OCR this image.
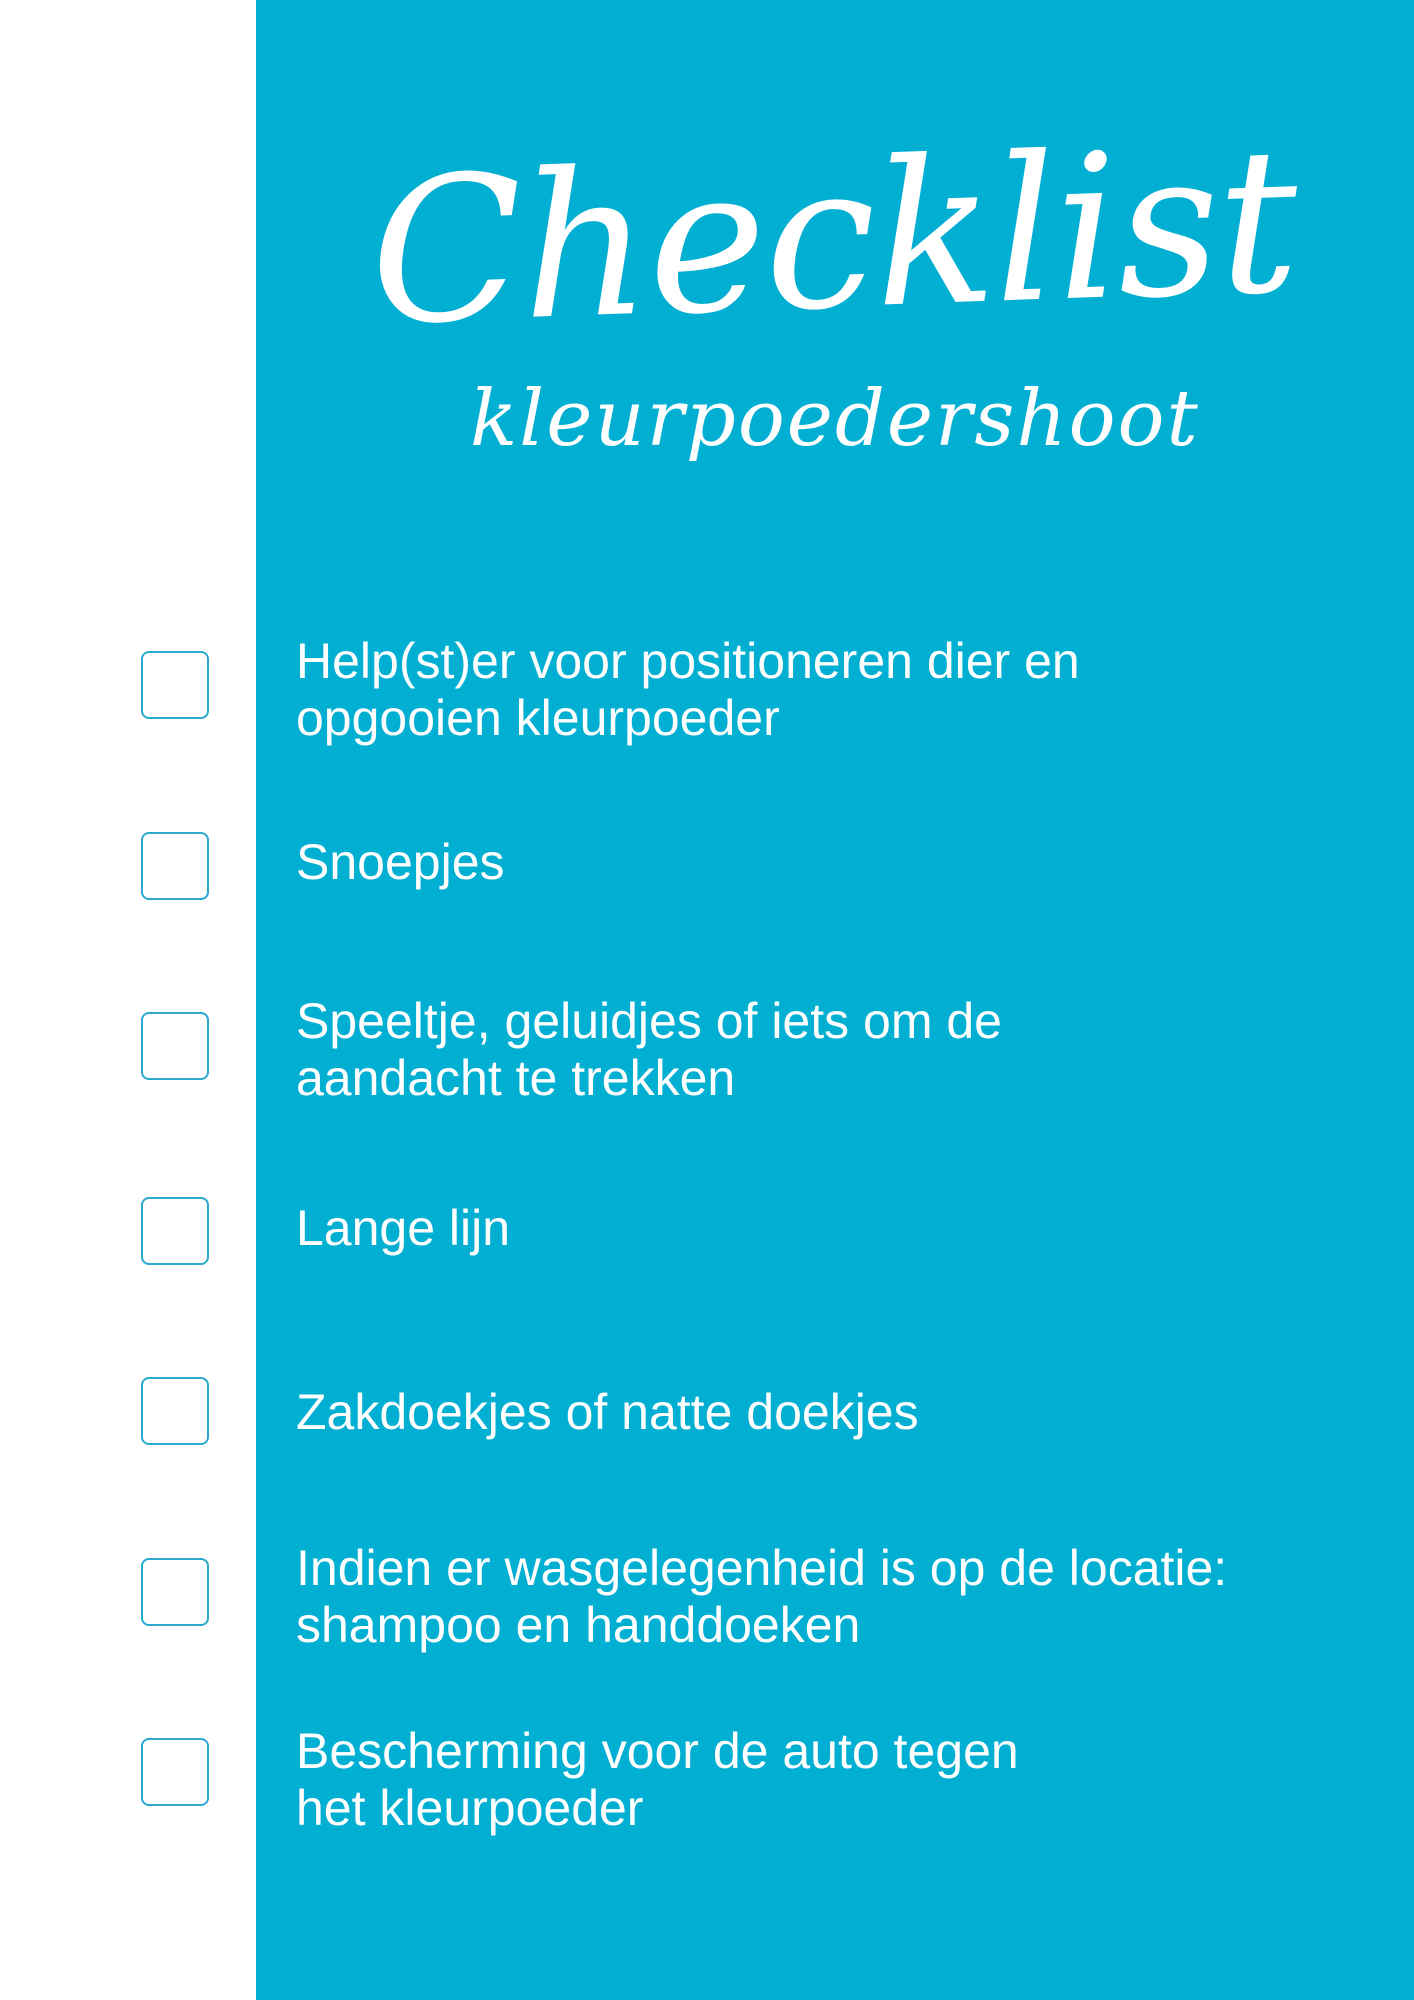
Checklist
kleurpoedershoot
Help(st)er voor positioneren dier en
opgooien kleurpoeder
Snoepjes
Speeltje, geluidjes of iets om de
aandacht te trekken
Lange lijn
Zakdoekjes of natte doekjes
Indien er wasgelegenheid is op de locatie:
shampoo en handdoeken
Bescherming voor de auto tegen
het kleurpoeder
